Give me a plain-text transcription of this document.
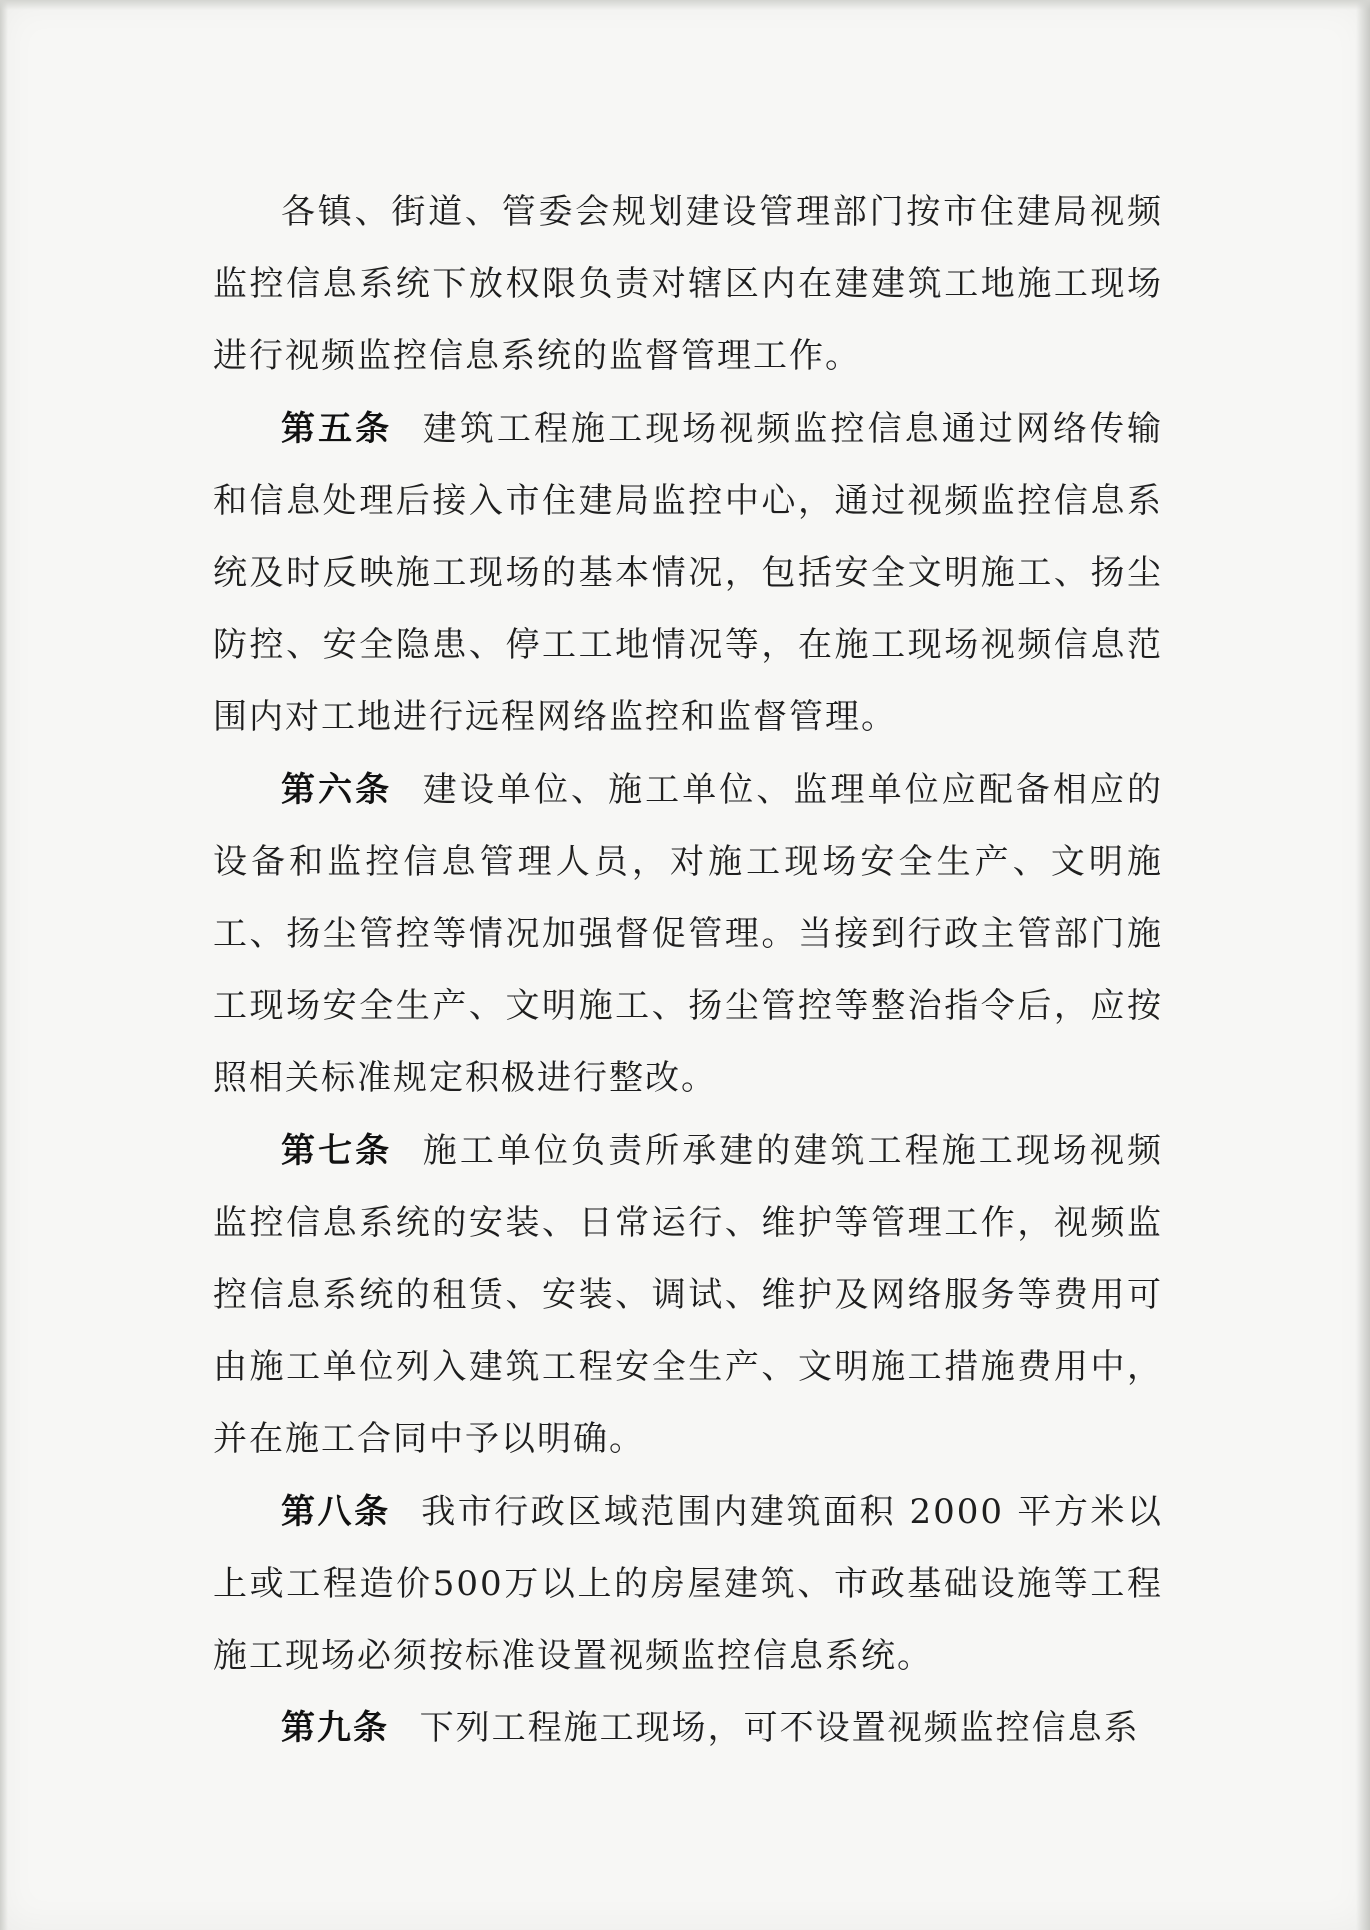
各镇、街道、管委会规划建设管理部门按市住建局视频监控信息系统下放权限负责对辖区内在建建筑工地施工现场进行视频监控信息系统的监督管理工作。

第五条 建筑工程施工现场视频监控信息通过网络传输和信息处理后接入市住建局监控中心，通过视频监控信息系统及时反映施工现场的基本情况，包括安全文明施工、扬尘防控、安全隐患、停工工地情况等，在施工现场视频信息范围内对工地进行远程网络监控和监督管理。

第六条 建设单位、施工单位、监理单位应配备相应的设备和监控信息管理人员，对施工现场安全生产、文明施工、扬尘管控等情况加强督促管理。当接到行政主管部门施工现场安全生产、文明施工、扬尘管控等整治指令后，应按照相关标准规定积极进行整改。

第七条 施工单位负责所承建的建筑工程施工现场视频监控信息系统的安装、日常运行、维护等管理工作，视频监控信息系统的租赁、安装、调试、维护及网络服务等费用可由施工单位列入建筑工程安全生产、文明施工措施费用中，并在施工合同中予以明确。

第八条 我市行政区域范围内建筑面积 2000 平方米以上或工程造价500万以上的房屋建筑、市政基础设施等工程施工现场必须按标准设置视频监控信息系统。

第九条 下列工程施工现场，可不设置视频监控信息系
